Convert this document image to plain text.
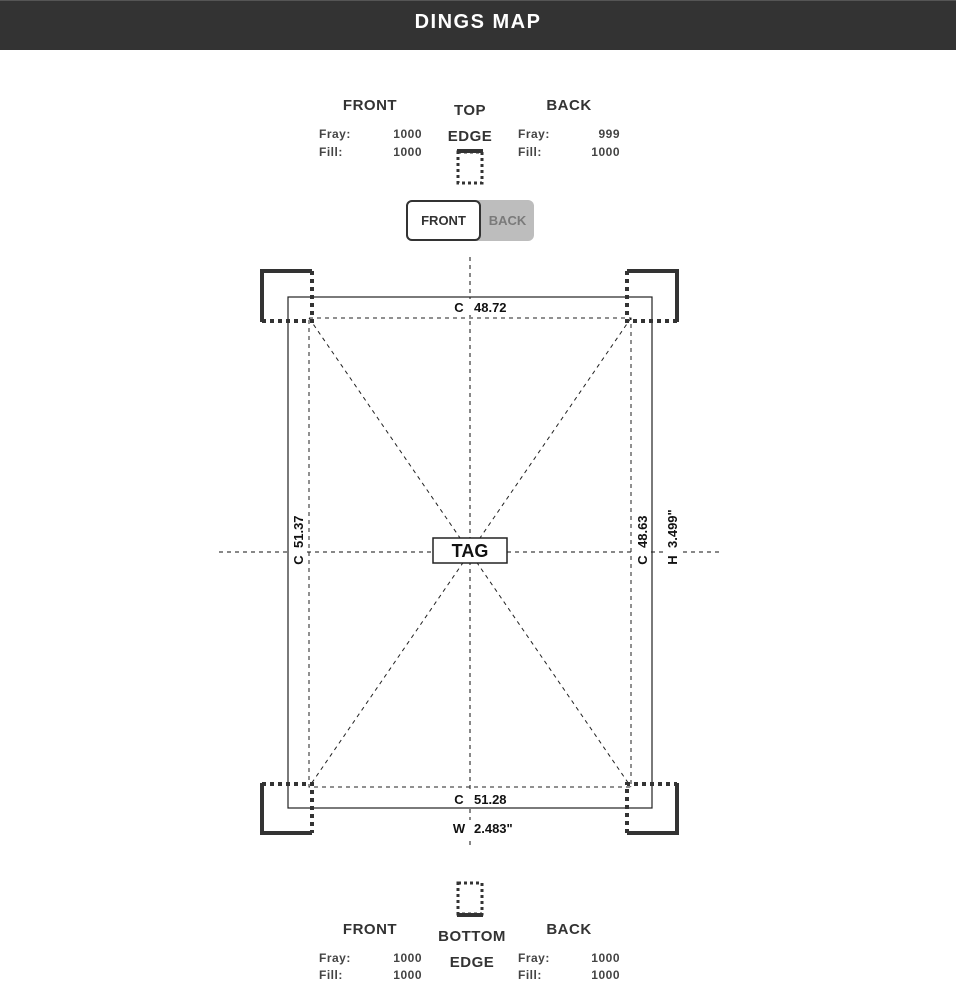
DINGS MAP
FRONT	BACK
TOP
EDGE
Fray:	1000
Fill:	1000
Fray:	999
Fill:	1000
BACK
FRONT
TAG
C 48.72
C 51.28
W 2.483"
C
51.37
C
48.63
H
3.499"
FRONT	BACK
BOTTOM
EDGE
Fray:	1000
Fill:	1000
Fray:	1000
Fill:	1000
